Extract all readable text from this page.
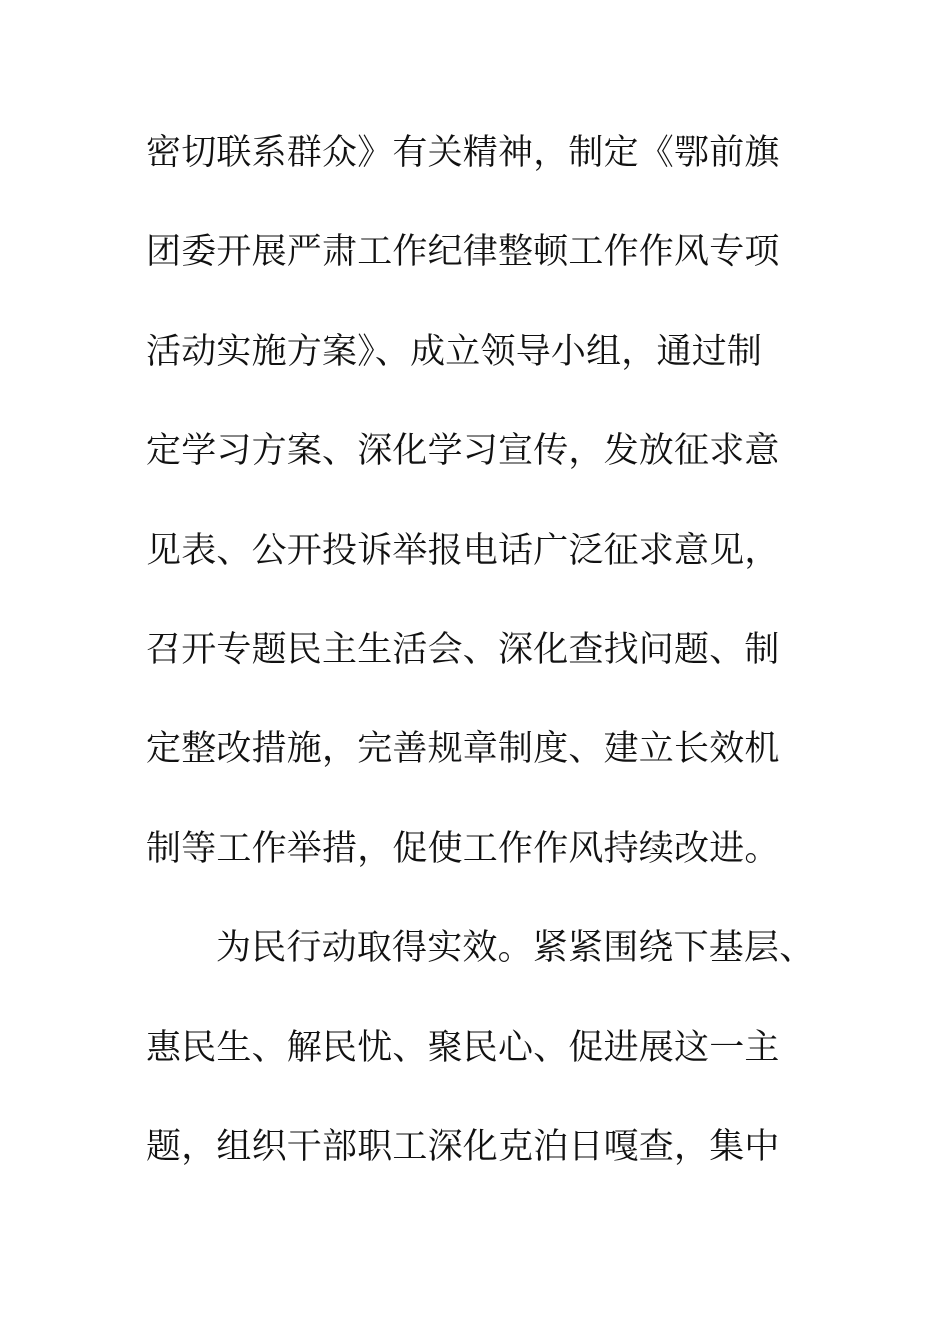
密切联系群众》有关精神，制定《鄂前旗
团委开展严肃工作纪律整顿工作作风专项
活动实施方案》、成立领导小组，通过制
定学习方案、深化学习宣传，发放征求意
见表、公开投诉举报电话广泛征求意见，
召开专题民主生活会、深化查找问题、制
定整改措施，完善规章制度、建立长效机
制等工作举措，促使工作作风持续改进。
为民行动取得实效。紧紧围绕下基层、
惠民生、解民忧、聚民心、促进展这一主
题，组织干部职工深化克泊日嘎查，集中
